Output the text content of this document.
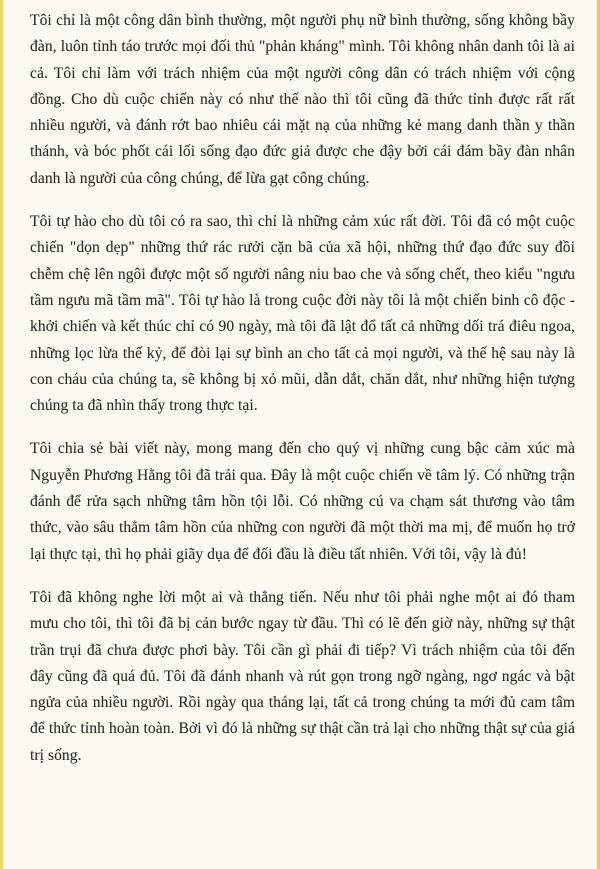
Tôi chỉ là một công dân bình thường, một người phụ nữ bình thường, sống không bầy đàn, luôn tỉnh táo trước mọi đối thủ "phản kháng" mình. Tôi không nhân danh tôi là ai cả. Tôi chỉ làm với trách nhiệm của một người công dân có trách nhiệm với cộng đồng. Cho dù cuộc chiến này có như thế nào thì tôi cũng đã thức tỉnh được rất rất nhiều người, và đánh rớt bao nhiêu cái mặt nạ của những kẻ mang danh thần y thần thánh, và bóc phốt cái lối sống đạo đức giả được che đậy bởi cái đám bầy đàn nhân danh là người của công chúng, để lừa gạt công chúng.

Tôi tự hào cho dù tôi có ra sao, thì chỉ là những cảm xúc rất đời. Tôi đã có một cuộc chiến "dọn dẹp" những thứ rác rưởi cặn bã của xã hội, những thứ đạo đức suy đồi chễm chệ lên ngôi được một số người nâng niu bao che và sống chết, theo kiểu "ngưu tầm ngưu mã tầm mã". Tôi tự hào là trong cuộc đời này tôi là một chiến binh cô độc - khởi chiến và kết thúc chỉ có 90 ngày, mà tôi đã lật đổ tất cả những dối trá điêu ngoa, những lọc lừa thế kỷ, để đòi lại sự bình an cho tất cả mọi người, và thế hệ sau này là con cháu của chúng ta, sẽ không bị xỏ mũi, dẫn dắt, chăn dắt, như những hiện tượng chúng ta đã nhìn thấy trong thực tại.

Tôi chia sẻ bài viết này, mong mang đến cho quý vị những cung bậc cảm xúc mà Nguyễn Phương Hằng tôi đã trải qua. Đây là một cuộc chiến về tâm lý. Có những trận đánh để rửa sạch những tâm hồn tội lỗi. Có những cú va chạm sát thương vào tâm thức, vào sâu thẳm tâm hồn của những con người đã một thời ma mị, để muốn họ trở lại thực tại, thì họ phải giãy dụa để đối đầu là điều tất nhiên. Với tôi, vậy là đủ!

Tôi đã không nghe lời một ai và thẳng tiến. Nếu như tôi phải nghe một ai đó tham mưu cho tôi, thì tôi đã bị cản bước ngay từ đầu. Thì có lẽ đến giờ này, những sự thật trần trụi đã chưa được phơi bày. Tôi cần gì phải đi tiếp? Vì trách nhiệm của tôi đến đây cũng đã quá đủ. Tôi đã đánh nhanh và rút gọn trong ngỡ ngàng, ngơ ngác và bật ngửa của nhiều người. Rồi ngày qua tháng lại, tất cả trong chúng ta mới đủ cam tâm để thức tỉnh hoàn toàn. Bởi vì đó là những sự thật cần trả lại cho những thật sự của giá trị sống.
